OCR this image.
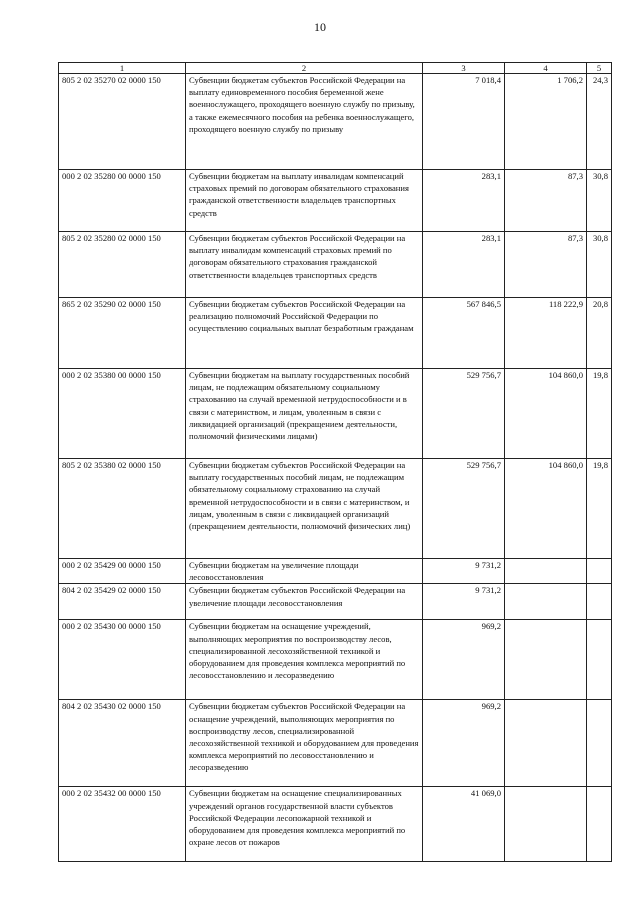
10
1	2	3	4	5
805 2 02 35270 02 0000 150	Субвенции бюджетам субъектов Российской Федерации на выплату единовременного пособия беременной жене военнослужащего, проходящего военную службу по призыву, а также ежемесячного пособия на ребенка военнослужащего, проходящего военную службу по призыву	7 018,4	1 706,2	24,3
000 2 02 35280 00 0000 150	Субвенции бюджетам на выплату инвалидам компенсаций страховых премий по договорам обязательного страхования гражданской ответственности владельцев транспортных средств	283,1	87,3	30,8
805 2 02 35280 02 0000 150	Субвенции бюджетам субъектов Российской Федерации на выплату инвалидам компенсаций страховых премий по договорам обязательного страхования гражданской ответственности владельцев транспортных средств	283,1	87,3	30,8
865 2 02 35290 02 0000 150	Субвенции бюджетам субъектов Российской Федерации на реализацию полномочий Российской Федерации по осуществлению социальных выплат безработным гражданам	567 846,5	118 222,9	20,8
000 2 02 35380 00 0000 150	Субвенции бюджетам на выплату государственных пособий лицам, не подлежащим обязательному социальному страхованию на случай временной нетрудоспособности и в связи с материнством, и лицам, уволенным в связи с ликвидацией организаций (прекращением деятельности, полномочий физическими лицами)	529 756,7	104 860,0	19,8
805 2 02 35380 02 0000 150	Субвенции бюджетам субъектов Российской Федерации на выплату государственных пособий лицам, не подлежащим обязательному социальному страхованию на случай временной нетрудоспособности и в связи с материнством, и лицам, уволенным в связи с ликвидацией организаций (прекращением деятельности, полномочий физических лиц)	529 756,7	104 860,0	19,8
000 2 02 35429 00 0000 150	Субвенции бюджетам на увеличение площади лесовосстановления	9 731,2		
804 2 02 35429 02 0000 150	Субвенции бюджетам субъектов Российской Федерации на увеличение площади лесовосстановления	9 731,2		
000 2 02 35430 00 0000 150	Субвенции бюджетам на оснащение учреждений, выполняющих мероприятия по воспроизводству лесов, специализированной лесохозяйственной техникой и оборудованием для проведения комплекса мероприятий по лесовосстановлению и лесоразведению	969,2		
804 2 02 35430 02 0000 150	Субвенции бюджетам субъектов Российской Федерации на оснащение учреждений, выполняющих мероприятия по воспроизводству лесов, специализированной лесохозяйственной техникой и оборудованием для проведения комплекса мероприятий по лесовосстановлению и лесоразведению	969,2		
000 2 02 35432 00 0000 150	Субвенции бюджетам на оснащение специализированных учреждений органов государственной власти субъектов Российской Федерации лесопожарной техникой и оборудованием для проведения комплекса мероприятий по охране лесов от пожаров	41 069,0		
